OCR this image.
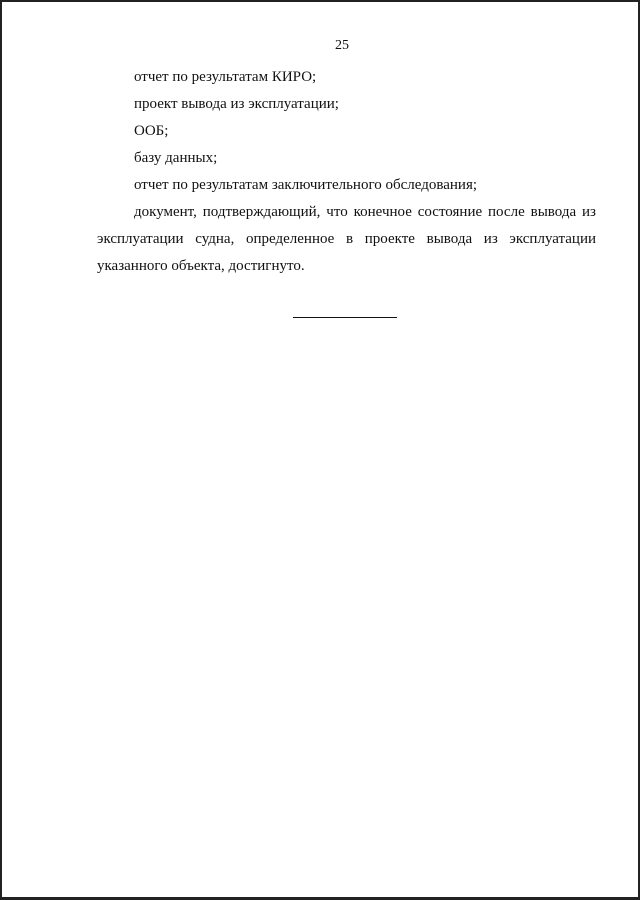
25

отчет по результатам КИРО;

проект вывода из эксплуатации;

ООБ;

базу данных;

отчет по результатам заключительного обследования;

документ, подтверждающий, что конечное состояние после вывода из эксплуатации судна, определенное в проекте вывода из эксплуатации указанного объекта, достигнуто.
